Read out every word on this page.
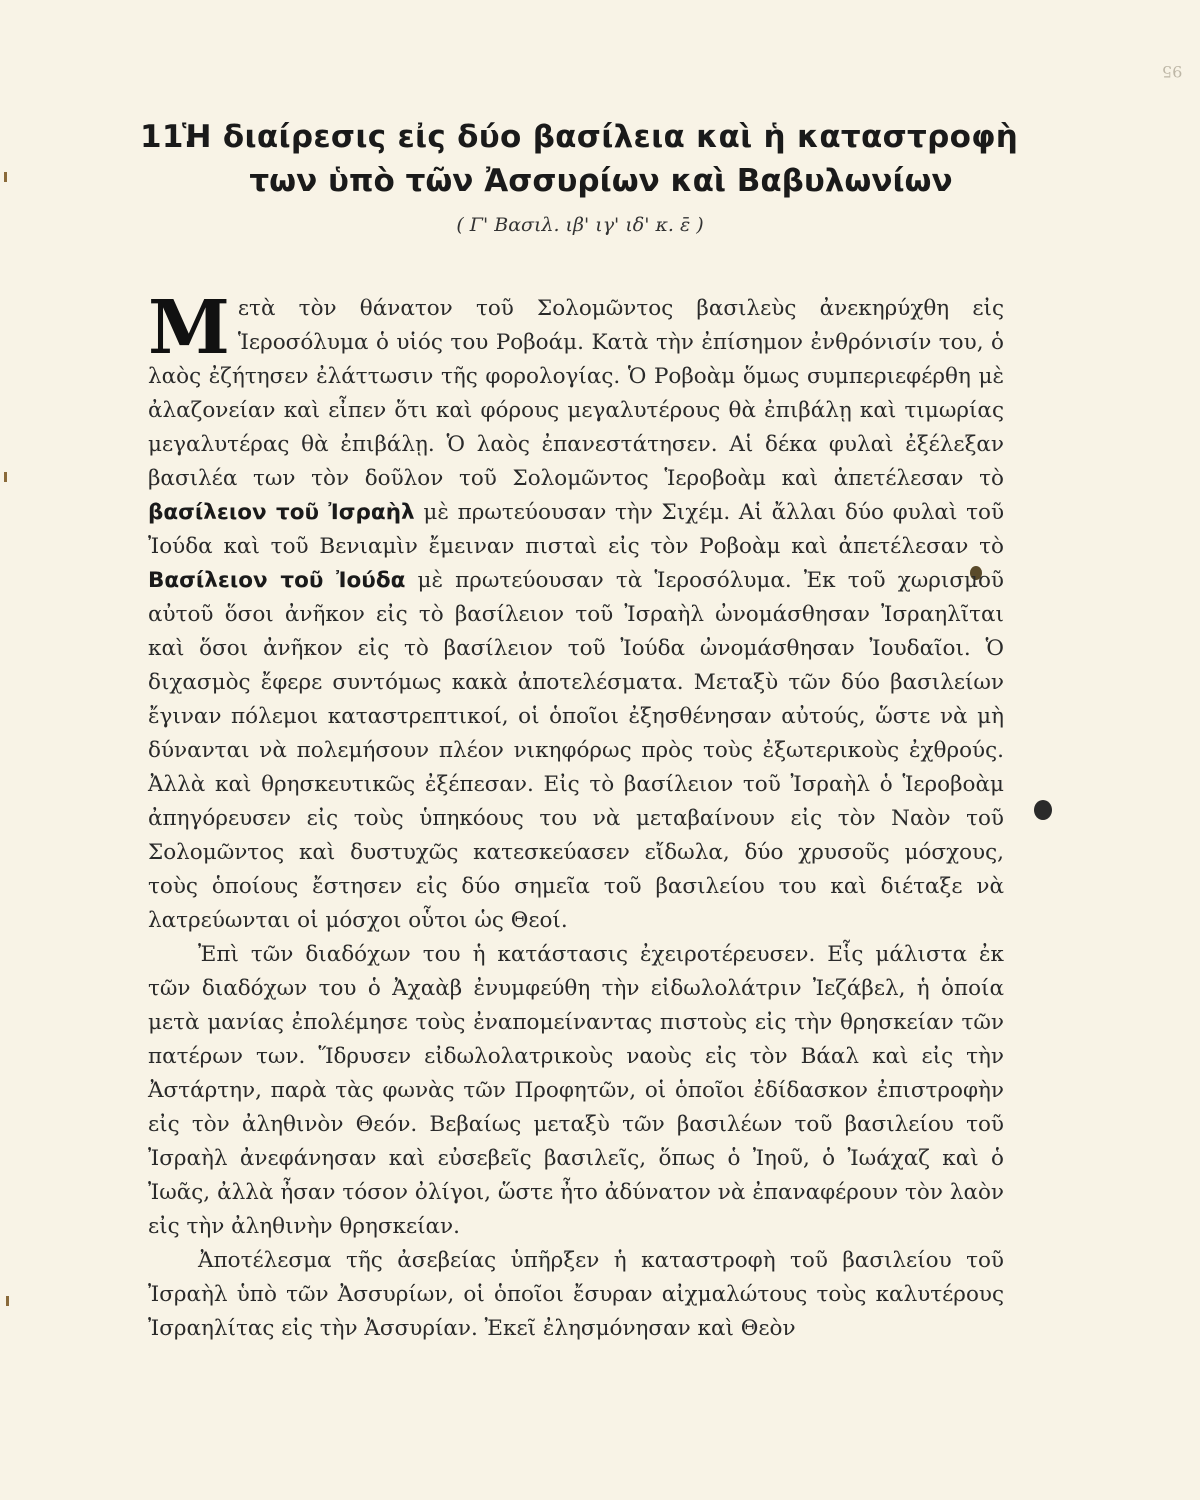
95
11.Ἡ διαίρεσις εἰς δύο βασίλεια καὶ ἡ καταστροφὴ
των ὑπὸ τῶν Ἀσσυρίων καὶ Βαβυλωνίων
( Γ' Βασιλ. ιβ' ιγ' ιδ' κ. ε̄ )

Μετὰ τὸν θάνατον τοῦ Σολομῶντος βασιλεὺς ἀνεκηρύχθη εἰς Ἱεροσόλυμα ὁ υἱός του Ροβοάμ. Κατὰ τὴν ἐπίσημον ἐνθρόνισίν του, ὁ λαὸς ἐζήτησεν ἐλάττωσιν τῆς φορολογίας. Ὁ Ροβοὰμ ὅμως συμπεριεφέρθη μὲ ἀλαζονείαν καὶ εἶπεν ὅτι καὶ φόρους μεγαλυτέρους θὰ ἐπιβάλῃ καὶ τιμωρίας μεγαλυτέρας θὰ ἐπιβάλῃ. Ὁ λαὸς ἐπανεστάτησεν. Αἱ δέκα φυλαὶ ἐξέλεξαν βασιλέα των τὸν δοῦλον τοῦ Σολομῶντος Ἱεροβοὰμ καὶ ἀπετέλεσαν τὸ βασίλειον τοῦ Ἰσραὴλ μὲ πρωτεύουσαν τὴν Σιχέμ. Αἱ ἄλλαι δύο φυλαὶ τοῦ Ἰούδα καὶ τοῦ Βενιαμὶν ἔμειναν πισταὶ εἰς τὸν Ροβοὰμ καὶ ἀπετέλεσαν τὸ Βασίλειον τοῦ Ἰούδα μὲ πρωτεύουσαν τὰ Ἱεροσόλυμα. Ἐκ τοῦ χωρισμοῦ αὐτοῦ ὅσοι ἀνῆκον εἰς τὸ βασίλειον τοῦ Ἰσραὴλ ὠνομάσθησαν Ἰσραηλῖται καὶ ὅσοι ἀνῆκον εἰς τὸ βασίλειον τοῦ Ἰούδα ὠνομάσθησαν Ἰουδαῖοι. Ὁ διχασμὸς ἔφερε συντόμως κακὰ ἀποτελέσματα. Μεταξὺ τῶν δύο βασιλείων ἔγιναν πόλεμοι καταστρεπτικοί, οἱ ὁποῖοι ἐξησθένησαν αὐτούς, ὥστε νὰ μὴ δύνανται νὰ πολεμήσουν πλέον νικηφόρως πρὸς τοὺς ἐξωτερικοὺς ἐχθρούς. Ἀλλὰ καὶ θρησκευτικῶς ἐξέπεσαν. Εἰς τὸ βασίλειον τοῦ Ἰσραὴλ ὁ Ἱεροβοὰμ ἀπηγόρευσεν εἰς τοὺς ὑπηκόους του νὰ μεταβαίνουν εἰς τὸν Ναὸν τοῦ Σολομῶντος καὶ δυστυχῶς κατεσκεύασεν εἴδωλα, δύο χρυσοῦς μόσχους, τοὺς ὁποίους ἔστησεν εἰς δύο σημεῖα τοῦ βασιλείου του καὶ διέταξε νὰ λατρεύωνται οἱ μόσχοι οὗτοι ὡς Θεοί.

Ἐπὶ τῶν διαδόχων του ἡ κατάστασις ἐχειροτέρευσεν. Εἷς μάλιστα ἐκ τῶν διαδόχων του ὁ Ἀχαὰβ ἐνυμφεύθη τὴν εἰδωλολάτριν Ἰεζάβελ, ἡ ὁποία μετὰ μανίας ἐπολέμησε τοὺς ἐναπομείναντας πιστοὺς εἰς τὴν θρησκείαν τῶν πατέρων των. Ἵδρυσεν εἰδωλολατρικοὺς ναοὺς εἰς τὸν Βάαλ καὶ εἰς τὴν Ἀστάρτην, παρὰ τὰς φωνὰς τῶν Προφητῶν, οἱ ὁποῖοι ἐδίδασκον ἐπιστροφὴν εἰς τὸν ἀληθινὸν Θεόν. Βεβαίως μεταξὺ τῶν βασιλέων τοῦ βασιλείου τοῦ Ἰσραὴλ ἀνεφάνησαν καὶ εὐσεβεῖς βασιλεῖς, ὅπως ὁ Ἰηοῦ, ὁ Ἰωάχαζ καὶ ὁ Ἰωᾶς, ἀλλὰ ἦσαν τόσον ὀλίγοι, ὥστε ἦτο ἀδύνατον νὰ ἐπαναφέρουν τὸν λαὸν εἰς τὴν ἀληθινὴν θρησκείαν.

Ἀποτέλεσμα τῆς ἀσεβείας ὑπῆρξεν ἡ καταστροφὴ τοῦ βασιλείου τοῦ Ἰσραὴλ ὑπὸ τῶν Ἀσσυρίων, οἱ ὁποῖοι ἔσυραν αἰχμαλώτους τοὺς καλυτέρους Ἰσραηλίτας εἰς τὴν Ἀσσυρίαν. Ἐκεῖ ἐλησμόνησαν καὶ Θεὸν
